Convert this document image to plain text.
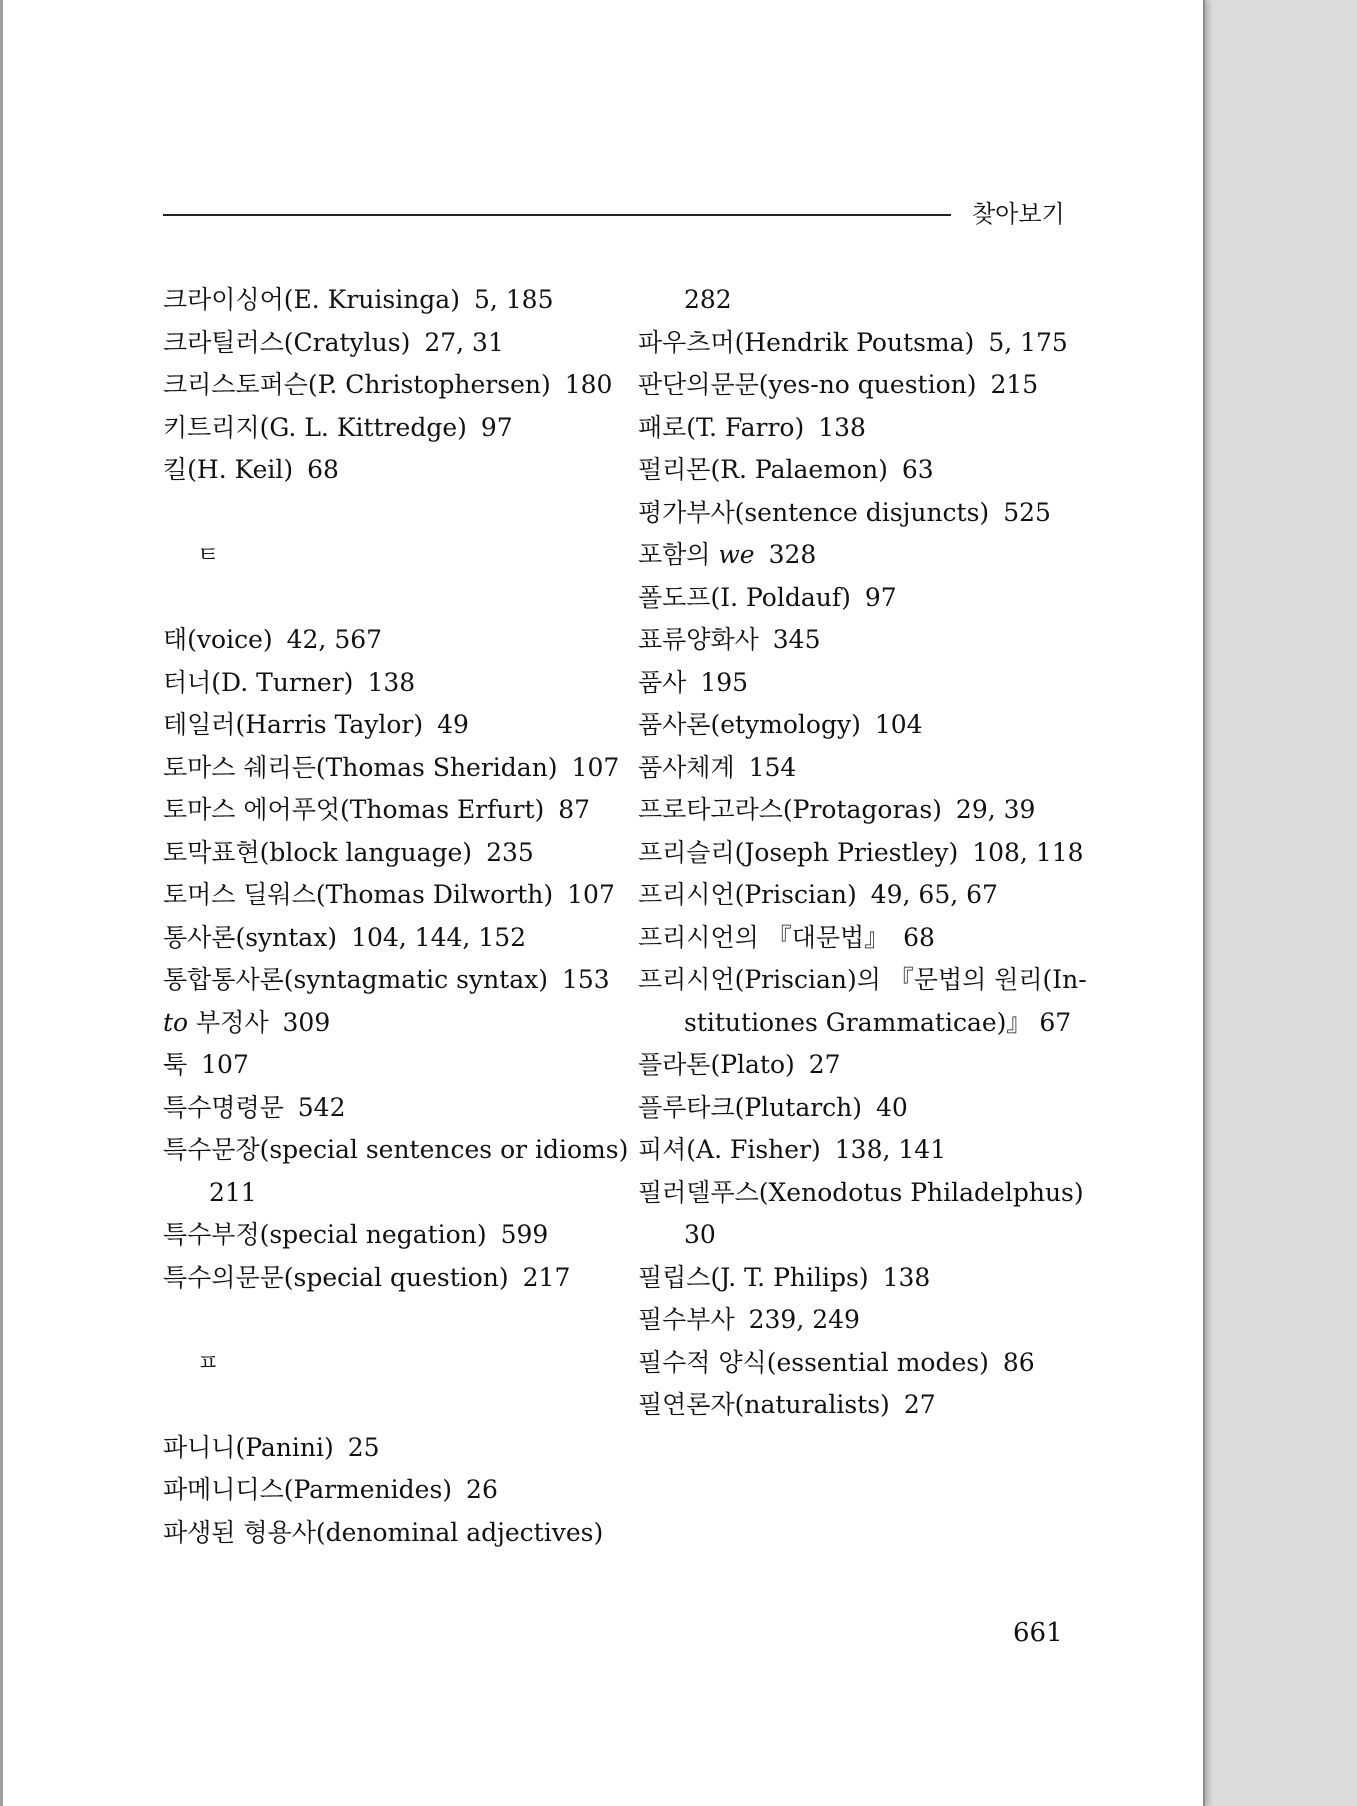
찾아보기
크라이싱어(E. Kruisinga) 5, 185
크라틸러스(Cratylus) 27, 31
크리스토퍼슨(P. Christophersen) 180
키트리지(G. L. Kittredge) 97
킬(H. Keil) 68
ㅌ
태(voice) 42, 567
터너(D. Turner) 138
테일러(Harris Taylor) 49
토마스 쉐리든(Thomas Sheridan) 107
토마스 에어푸엇(Thomas Erfurt) 87
토막표현(block language) 235
토머스 딜워스(Thomas Dilworth) 107
통사론(syntax) 104, 144, 152
통합통사론(syntagmatic syntax) 153
to 부정사 309
툭 107
특수명령문 542
특수문장(special sentences or idioms)
211
특수부정(special negation) 599
특수의문문(special question) 217
ㅍ
파니니(Panini) 25
파메니디스(Parmenides) 26
파생된 형용사(denominal adjectives)
282
파우츠머(Hendrik Poutsma) 5, 175
판단의문문(yes-no question) 215
패로(T. Farro) 138
펄리몬(R. Palaemon) 63
평가부사(sentence disjuncts) 525
포함의 we 328
폴도프(I. Poldauf) 97
표류양화사 345
품사 195
품사론(etymology) 104
품사체계 154
프로타고라스(Protagoras) 29, 39
프리슬리(Joseph Priestley) 108, 118
프리시언(Priscian) 49, 65, 67
프리시언의 『대문법』 68
프리시언(Priscian)의 『문법의 원리(In-
stitutiones Grammaticae)』 67
플라톤(Plato) 27
플루타크(Plutarch) 40
피셔(A. Fisher) 138, 141
필러델푸스(Xenodotus Philadelphus)
30
필립스(J. T. Philips) 138
필수부사 239, 249
필수적 양식(essential modes) 86
필연론자(naturalists) 27
661
